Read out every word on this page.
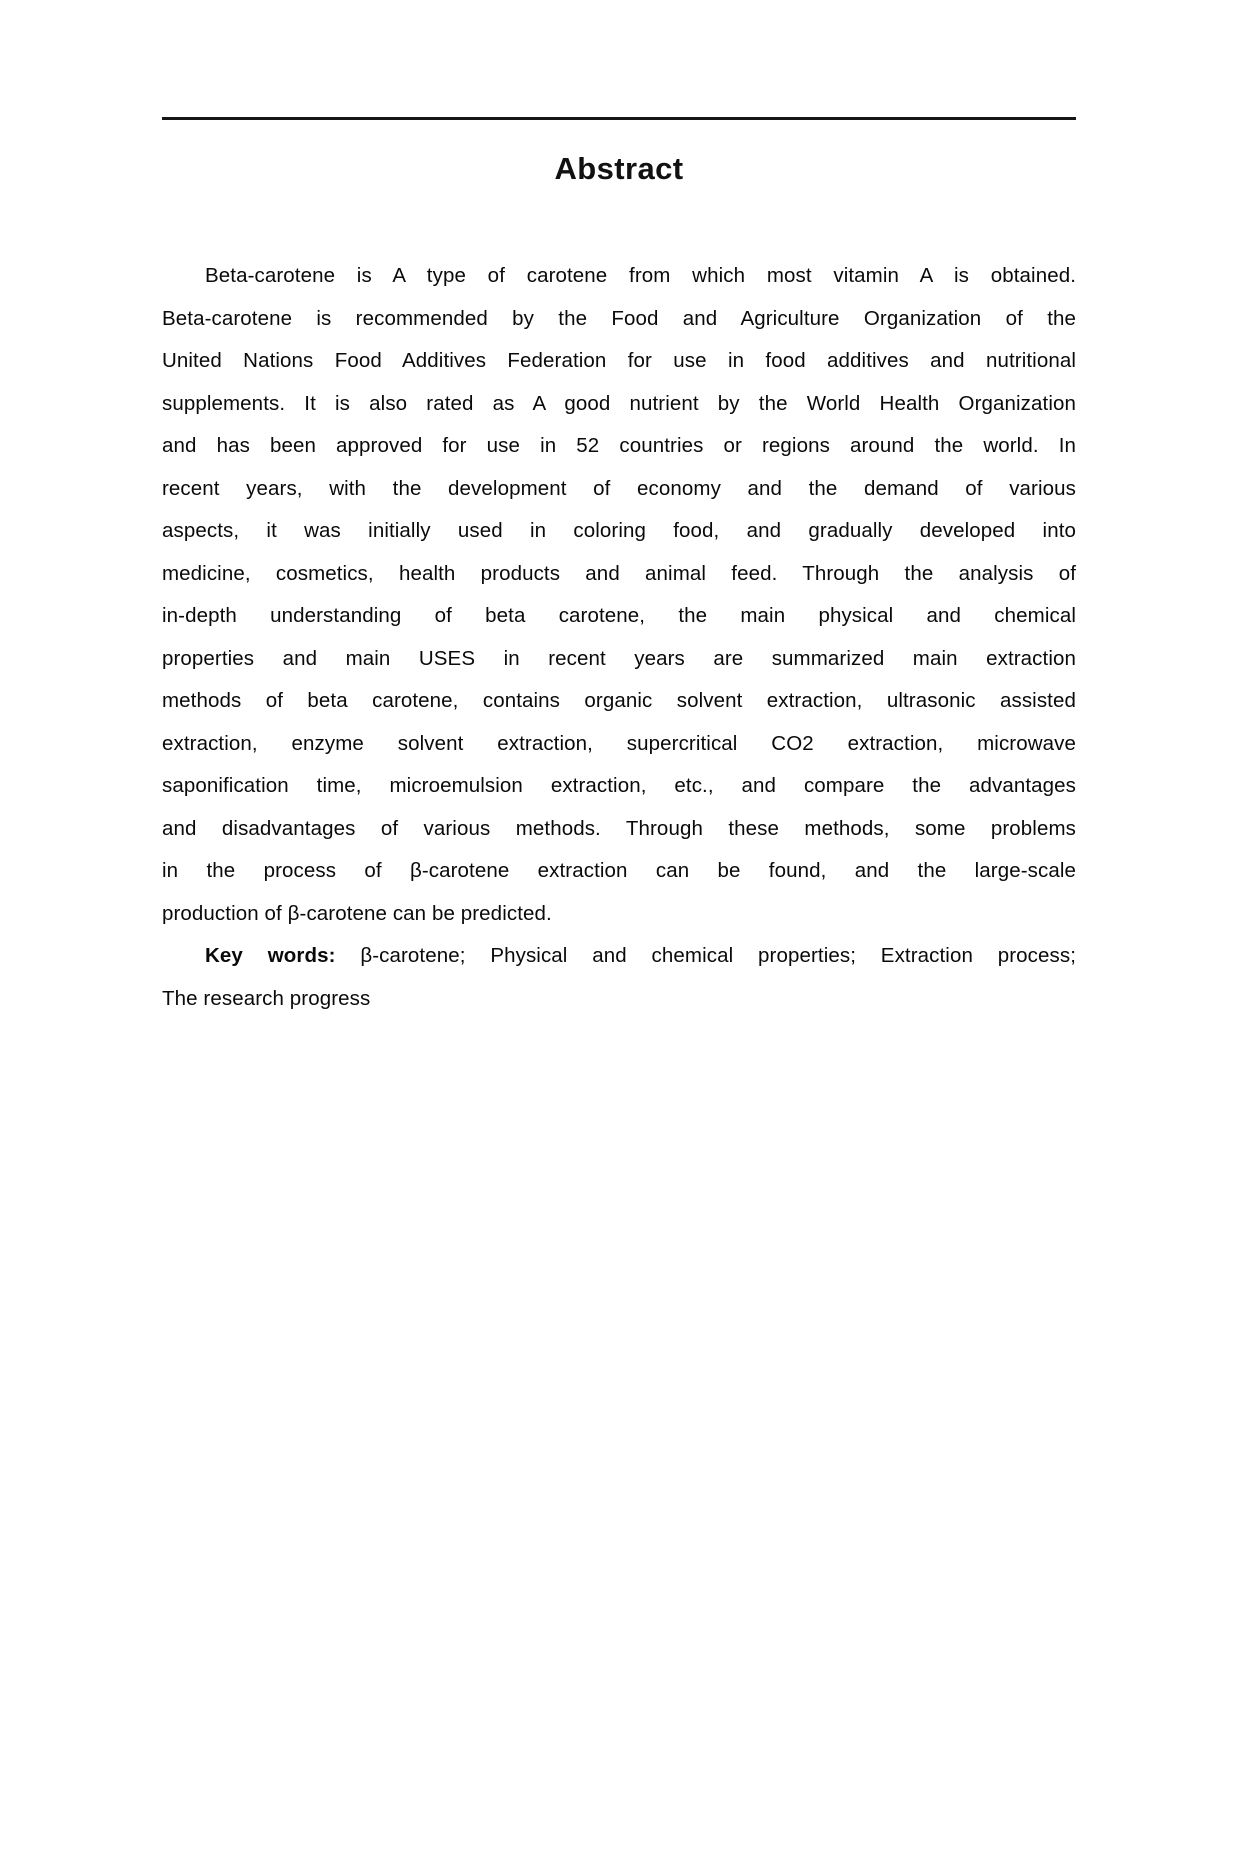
Abstract
Beta-carotene is A type of carotene from which most vitamin A is obtained.
Beta-carotene is recommended by the Food and Agriculture Organization of the
United Nations Food Additives Federation for use in food additives and nutritional
supplements. It is also rated as A good nutrient by the World Health Organization
and has been approved for use in 52 countries or regions around the world. In
recent years, with the development of economy and the demand of various
aspects, it was initially used in coloring food, and gradually developed into
medicine, cosmetics, health products and animal feed. Through the analysis of
in-depth understanding of beta carotene, the main physical and chemical
properties and main USES in recent years are summarized main extraction
methods of beta carotene, contains organic solvent extraction, ultrasonic assisted
extraction, enzyme solvent extraction, supercritical CO2 extraction, microwave
saponification time, microemulsion extraction, etc., and compare the advantages
and disadvantages of various methods. Through these methods, some problems
in the process of β-carotene extraction can be found, and the large-scale
production of β-carotene can be predicted.
Key words: β-carotene; Physical and chemical properties; Extraction process;
The research progress
